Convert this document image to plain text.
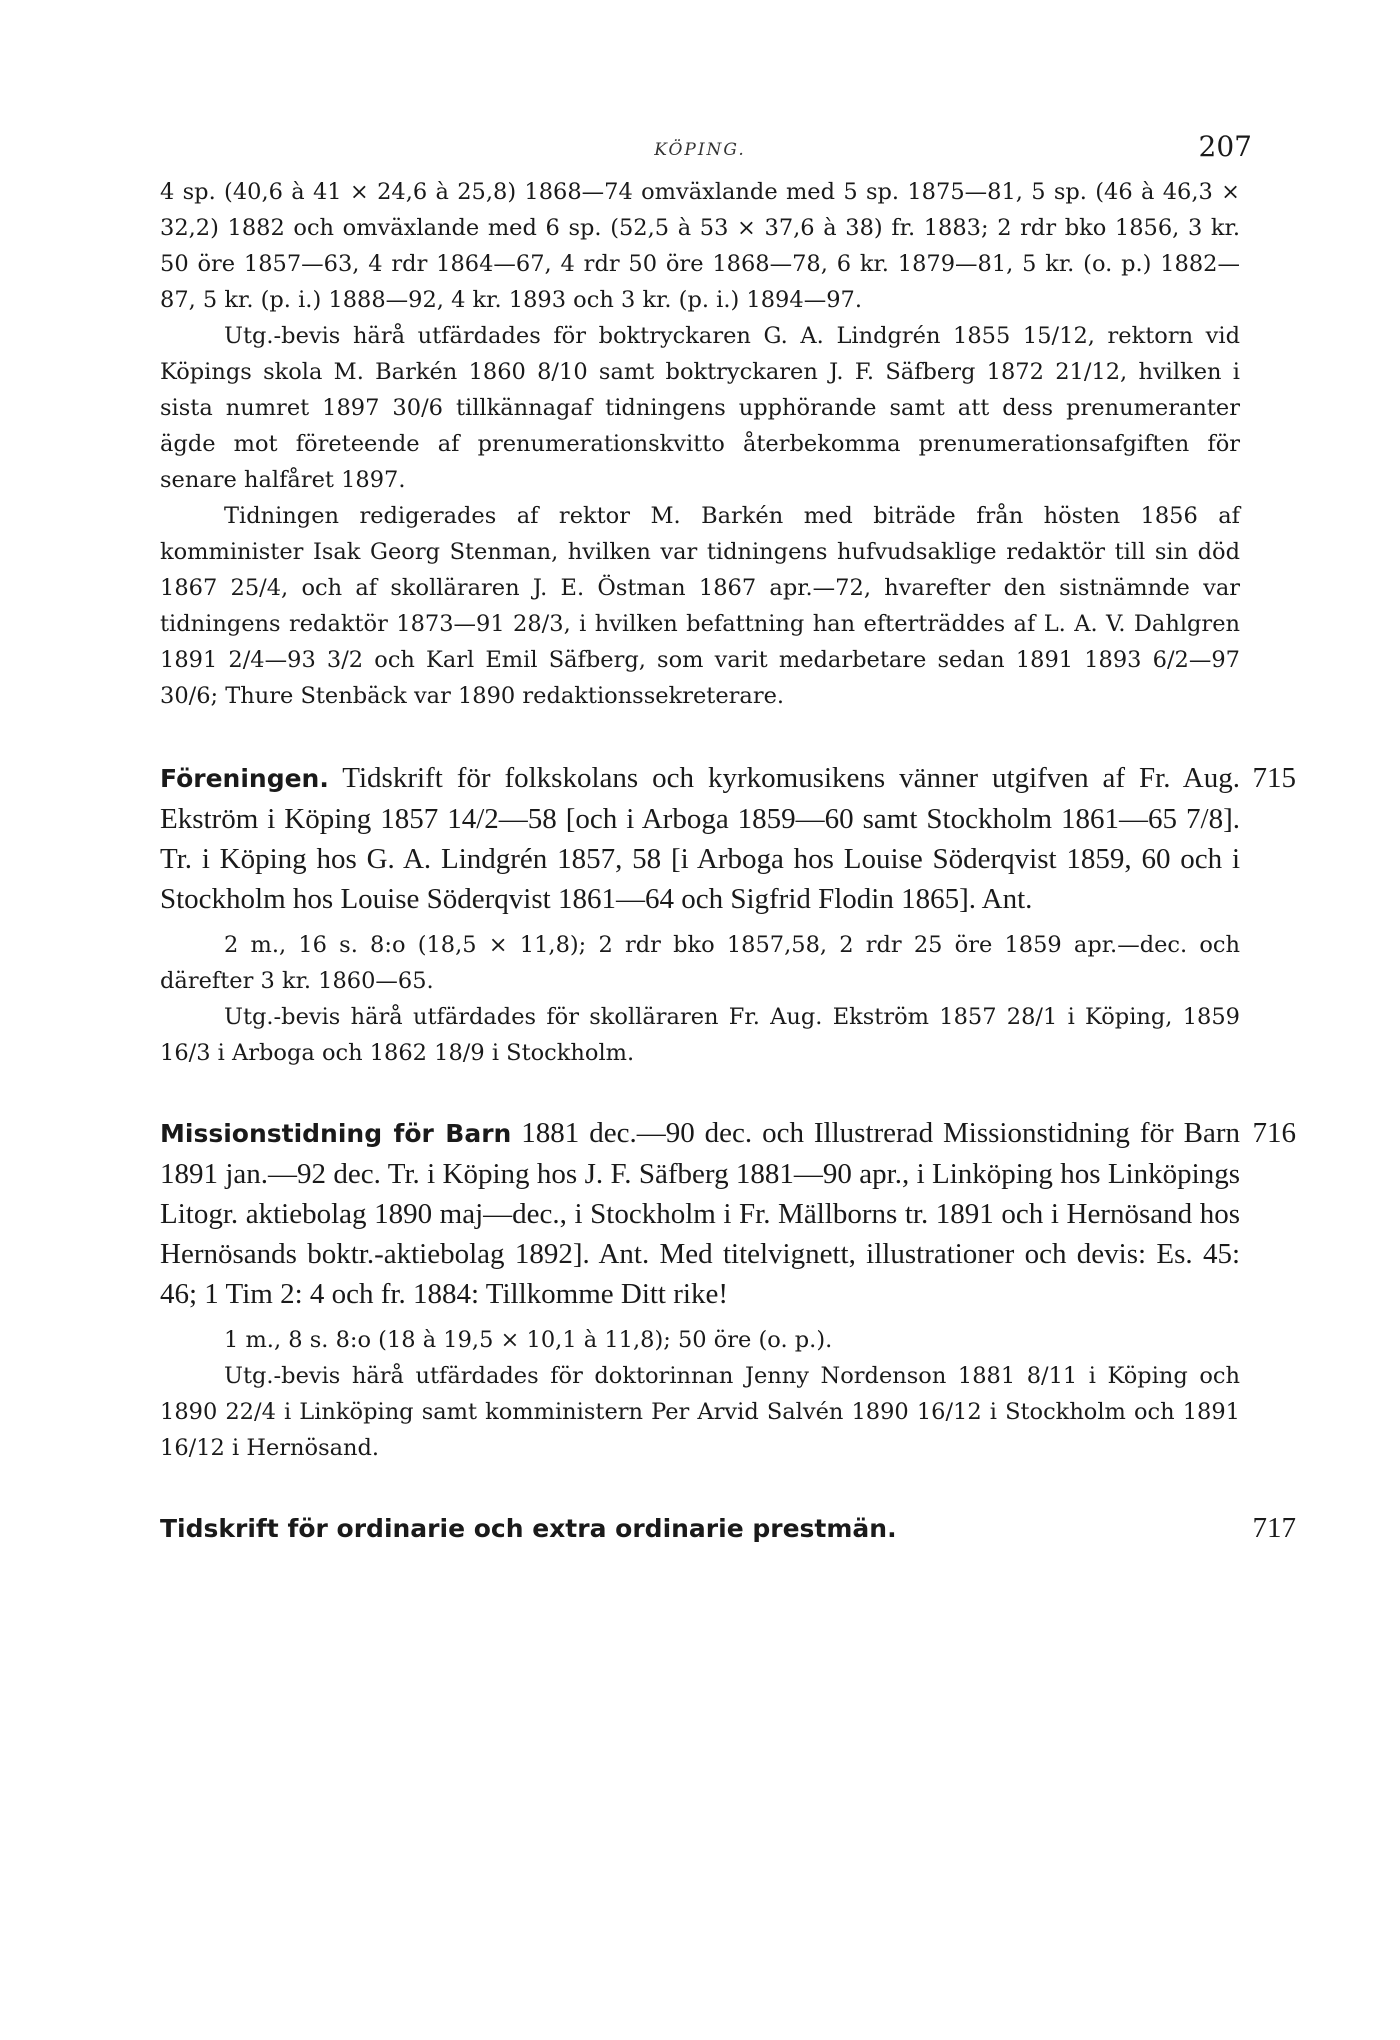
KÖPING.	207

4 sp. (40,6 à 41 × 24,6 à 25,8) 1868—74 omväxlande med 5 sp. 1875—81, 5 sp. (46 à 46,3 × 32,2) 1882 och omväxlande med 6 sp. (52,5 à 53 × 37,6 à 38) fr. 1883; 2 rdr bko 1856, 3 kr. 50 öre 1857—63, 4 rdr 1864—67, 4 rdr 50 öre 1868—78, 6 kr. 1879—81, 5 kr. (o. p.) 1882—87, 5 kr. (p. i.) 1888—92, 4 kr. 1893 och 3 kr. (p. i.) 1894—97.

Utg.-bevis härå utfärdades för boktryckaren G. A. Lindgrén 1855 15/12, rektorn vid Köpings skola M. Barkén 1860 8/10 samt boktryckaren J. F. Säfberg 1872 21/12, hvilken i sista numret 1897 30/6 tillkännagaf tidningens upphörande samt att dess prenumeranter ägde mot företeende af prenumerationskvitto återbekomma prenumerationsafgiften för senare halfåret 1897.

Tidningen redigerades af rektor M. Barkén med biträde från hösten 1856 af komminister Isak Georg Stenman, hvilken var tidningens hufvudsaklige redaktör till sin död 1867 25/4, och af skolläraren J. E. Östman 1867 apr.—72, hvarefter den sistnämnde var tidningens redaktör 1873—91 28/3, i hvilken befattning han efterträddes af L. A. V. Dahlgren 1891 2/4—93 3/2 och Karl Emil Säfberg, som varit medarbetare sedan 1891 1893 6/2—97 30/6; Thure Stenbäck var 1890 redaktionssekreterare.

715

Föreningen. Tidskrift för folkskolans och kyrkomusikens vänner utgifven af Fr. Aug. Ekström i Köping 1857 14/2—58 [och i Arboga 1859—60 samt Stockholm 1861—65 7/8]. Tr. i Köping hos G. A. Lindgrén 1857, 58 [i Arboga hos Louise Söderqvist 1859, 60 och i Stockholm hos Louise Söderqvist 1861—64 och Sigfrid Flodin 1865]. Ant.

2 m., 16 s. 8:o (18,5 × 11,8); 2 rdr bko 1857,58, 2 rdr 25 öre 1859 apr.—dec. och därefter 3 kr. 1860—65.

Utg.-bevis härå utfärdades för skolläraren Fr. Aug. Ekström 1857 28/1 i Köping, 1859 16/3 i Arboga och 1862 18/9 i Stockholm.

716

Missionstidning för Barn 1881 dec.—90 dec. och Illustrerad Missionstidning för Barn 1891 jan.—92 dec. Tr. i Köping hos J. F. Säfberg 1881—90 apr., i Linköping hos Linköpings Litogr. aktiebolag 1890 maj—dec., i Stockholm i Fr. Mällborns tr. 1891 och i Hernösand hos Hernösands boktr.-aktiebolag 1892]. Ant. Med titelvignett, illustrationer och devis: Es. 45: 46; 1 Tim 2: 4 och fr. 1884: Tillkomme Ditt rike!

1 m., 8 s. 8:o (18 à 19,5 × 10,1 à 11,8); 50 öre (o. p.).

Utg.-bevis härå utfärdades för doktorinnan Jenny Nordenson 1881 8/11 i Köping och 1890 22/4 i Linköping samt komministern Per Arvid Salvén 1890 16/12 i Stockholm och 1891 16/12 i Hernösand.

717

Tidskrift för ordinarie och extra ordinarie prestmän.
